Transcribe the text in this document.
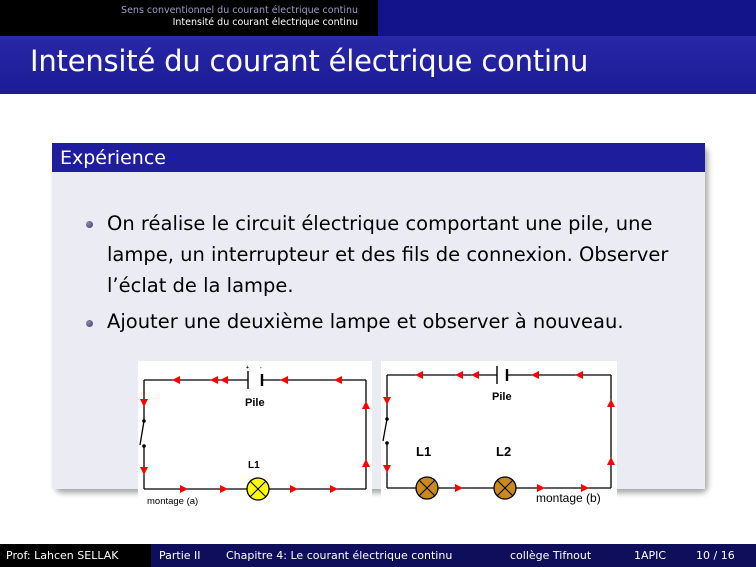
Sens conventionnel du courant électrique continu
Intensité du courant électrique continu
Intensité du courant électrique continu
Expérience
On réalise le circuit électrique comportant une pile, une lampe, un interrupteur et des fils de connexion. Observer l’éclat de la lampe.
Ajouter une deuxième lampe et observer à nouveau.
+ -
Pile
L1
montage (a)
Pile
L1	L2
montage (b)
Prof: Lahcen SELLAK	Partie II	Chapitre 4: Le courant électrique continu	collège Tifnout	1APIC	10 / 16
